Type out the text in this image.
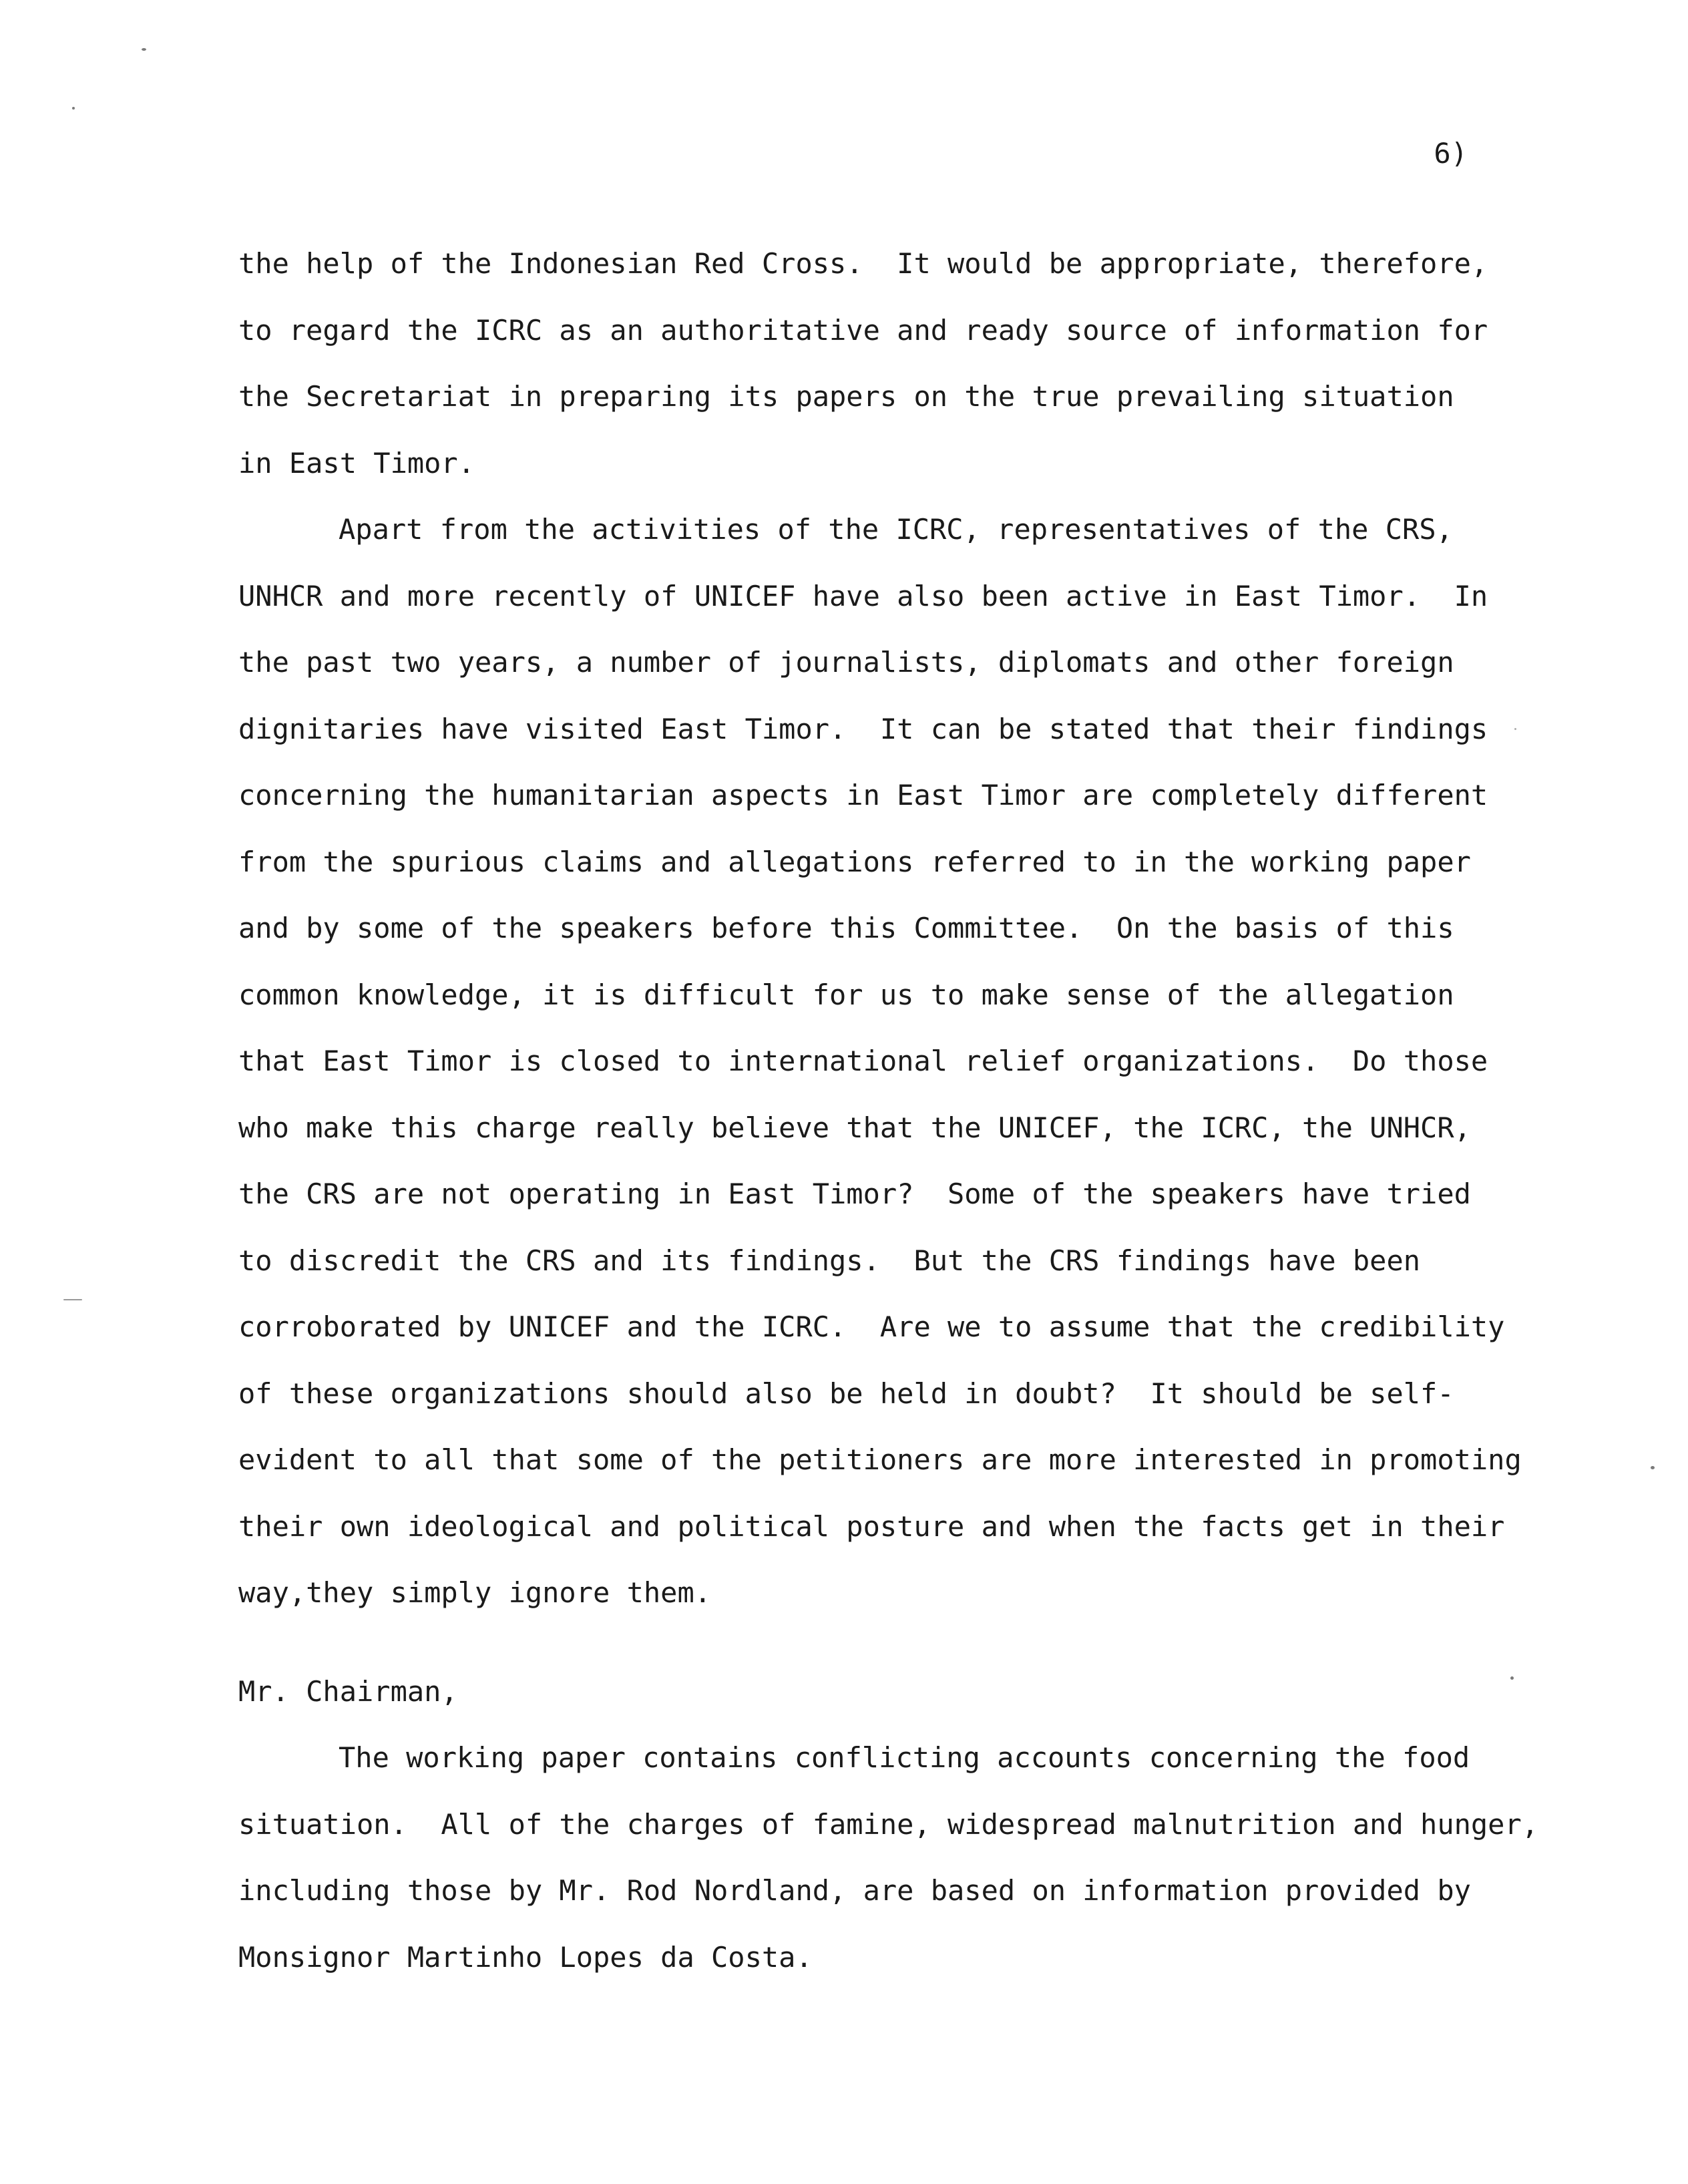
6)
the help of the Indonesian Red Cross.  It would be appropriate, therefore,
to regard the ICRC as an authoritative and ready source of information for
the Secretariat in preparing its papers on the true prevailing situation
in East Timor.
Apart from the activities of the ICRC, representatives of the CRS,
UNHCR and more recently of UNICEF have also been active in East Timor.  In
the past two years, a number of journalists, diplomats and other foreign
dignitaries have visited East Timor.  It can be stated that their findings
concerning the humanitarian aspects in East Timor are completely different
from the spurious claims and allegations referred to in the working paper
and by some of the speakers before this Committee.  On the basis of this
common knowledge, it is difficult for us to make sense of the allegation
that East Timor is closed to international relief organizations.  Do those
who make this charge really believe that the UNICEF, the ICRC, the UNHCR,
the CRS are not operating in East Timor?  Some of the speakers have tried
to discredit the CRS and its findings.  But the CRS findings have been
corroborated by UNICEF and the ICRC.  Are we to assume that the credibility
of these organizations should also be held in doubt?  It should be self-
evident to all that some of the petitioners are more interested in promoting
their own ideological and political posture and when the facts get in their
way,they simply ignore them.
Mr. Chairman,
The working paper contains conflicting accounts concerning the food
situation.  All of the charges of famine, widespread malnutrition and hunger,
including those by Mr. Rod Nordland, are based on information provided by
Monsignor Martinho Lopes da Costa.
